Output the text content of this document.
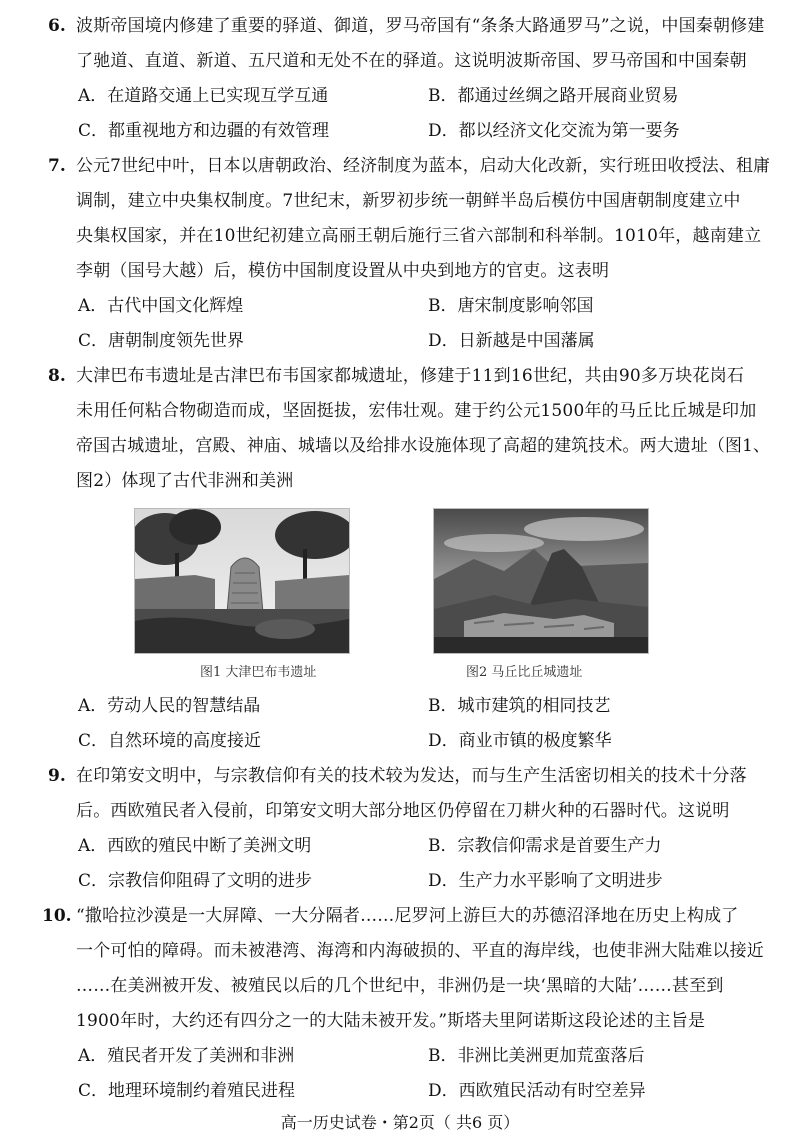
6. 波斯帝国境内修建了重要的驿道、御道，罗马帝国有“条条大路通罗马”之说，中国秦朝修建
了驰道、直道、新道、五尺道和无处不在的驿道。这说明波斯帝国、罗马帝国和中国秦朝
A．在道路交通上已实现互学互通	B．都通过丝绸之路开展商业贸易
C．都重视地方和边疆的有效管理	D．都以经济文化交流为第一要务
7. 公元7世纪中叶，日本以唐朝政治、经济制度为蓝本，启动大化改新，实行班田收授法、租庸
调制，建立中央集权制度。7世纪末，新罗初步统一朝鲜半岛后模仿中国唐朝制度建立中
央集权国家，并在10世纪初建立高丽王朝后施行三省六部制和科举制。1010年，越南建立
李朝（国号大越）后，模仿中国制度设置从中央到地方的官吏。这表明
A．古代中国文化辉煌	B．唐宋制度影响邻国
C．唐朝制度领先世界	D．日新越是中国藩属
8. 大津巴布韦遗址是古津巴布韦国家都城遗址，修建于11到16世纪，共由90多万块花岗石
未用任何粘合物砌造而成，坚固挺拔，宏伟壮观。建于约公元1500年的马丘比丘城是印加
帝国古城遗址，宫殿、神庙、城墙以及给排水设施体现了高超的建筑技术。两大遗址（图1、
图2）体现了古代非洲和美洲
图1 大津巴布韦遗址	图2 马丘比丘城遗址
A．劳动人民的智慧结晶	B．城市建筑的相同技艺
C．自然环境的高度接近	D．商业市镇的极度繁华
9. 在印第安文明中，与宗教信仰有关的技术较为发达，而与生产生活密切相关的技术十分落
后。西欧殖民者入侵前，印第安文明大部分地区仍停留在刀耕火种的石器时代。这说明
A．西欧的殖民中断了美洲文明	B．宗教信仰需求是首要生产力
C．宗教信仰阻碍了文明的进步	D．生产力水平影响了文明进步
10. “撒哈拉沙漠是一大屏障、一大分隔者……尼罗河上游巨大的苏德沼泽地在历史上构成了
一个可怕的障碍。而未被港湾、海湾和内海破损的、平直的海岸线，也使非洲大陆难以接近
……在美洲被开发、被殖民以后的几个世纪中，非洲仍是一块‘黑暗的大陆’……甚至到
1900年时，大约还有四分之一的大陆未被开发。”斯塔夫里阿诺斯这段论述的主旨是
A．殖民者开发了美洲和非洲	B．非洲比美洲更加荒蛮落后
C．地理环境制约着殖民进程	D．西欧殖民活动有时空差异
高一历史试卷・第2页（ 共6 页）
